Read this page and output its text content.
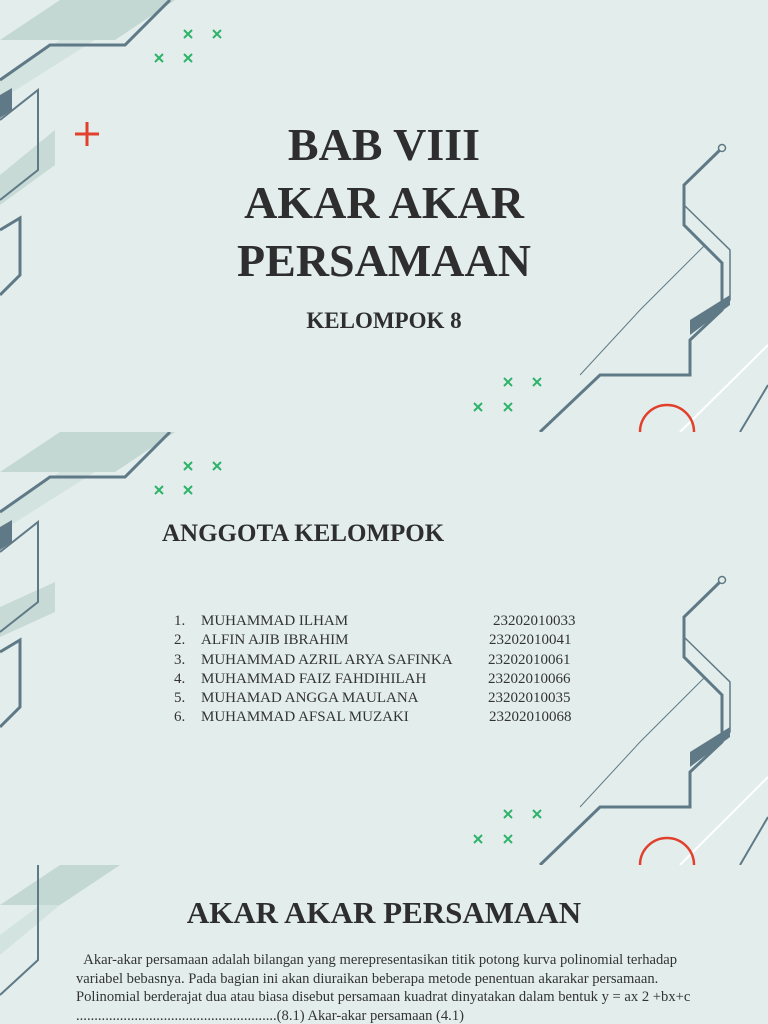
BAB VIII
AKAR AKAR
PERSAMAAN
KELOMPOK 8
ANGGOTA KELOMPOK
1. MUHAMMAD ILHAM	23202010033
2. ALFIN AJIB IBRAHIM	23202010041
3. MUHAMMAD AZRIL ARYA SAFINKA 23202010061
4. MUHAMMAD FAIZ FAHDIHILAH	23202010066
5. MUHAMAD ANGGA MAULANA	23202010035
6. MUHAMMAD AFSAL MUZAKI	23202010068
AKAR AKAR PERSAMAAN
Akar-akar persamaan adalah bilangan yang merepresentasikan titik potong kurva polinomial terhadap variabel bebasnya. Pada bagian ini akan diuraikan beberapa metode penentuan akarakar persamaan. Polinomial berderajat dua atau biasa disebut persamaan kuadrat dinyatakan dalam bentuk y = ax 2 +bx+c .......................................................(8.1) Akar-akar persamaan (4.1)
